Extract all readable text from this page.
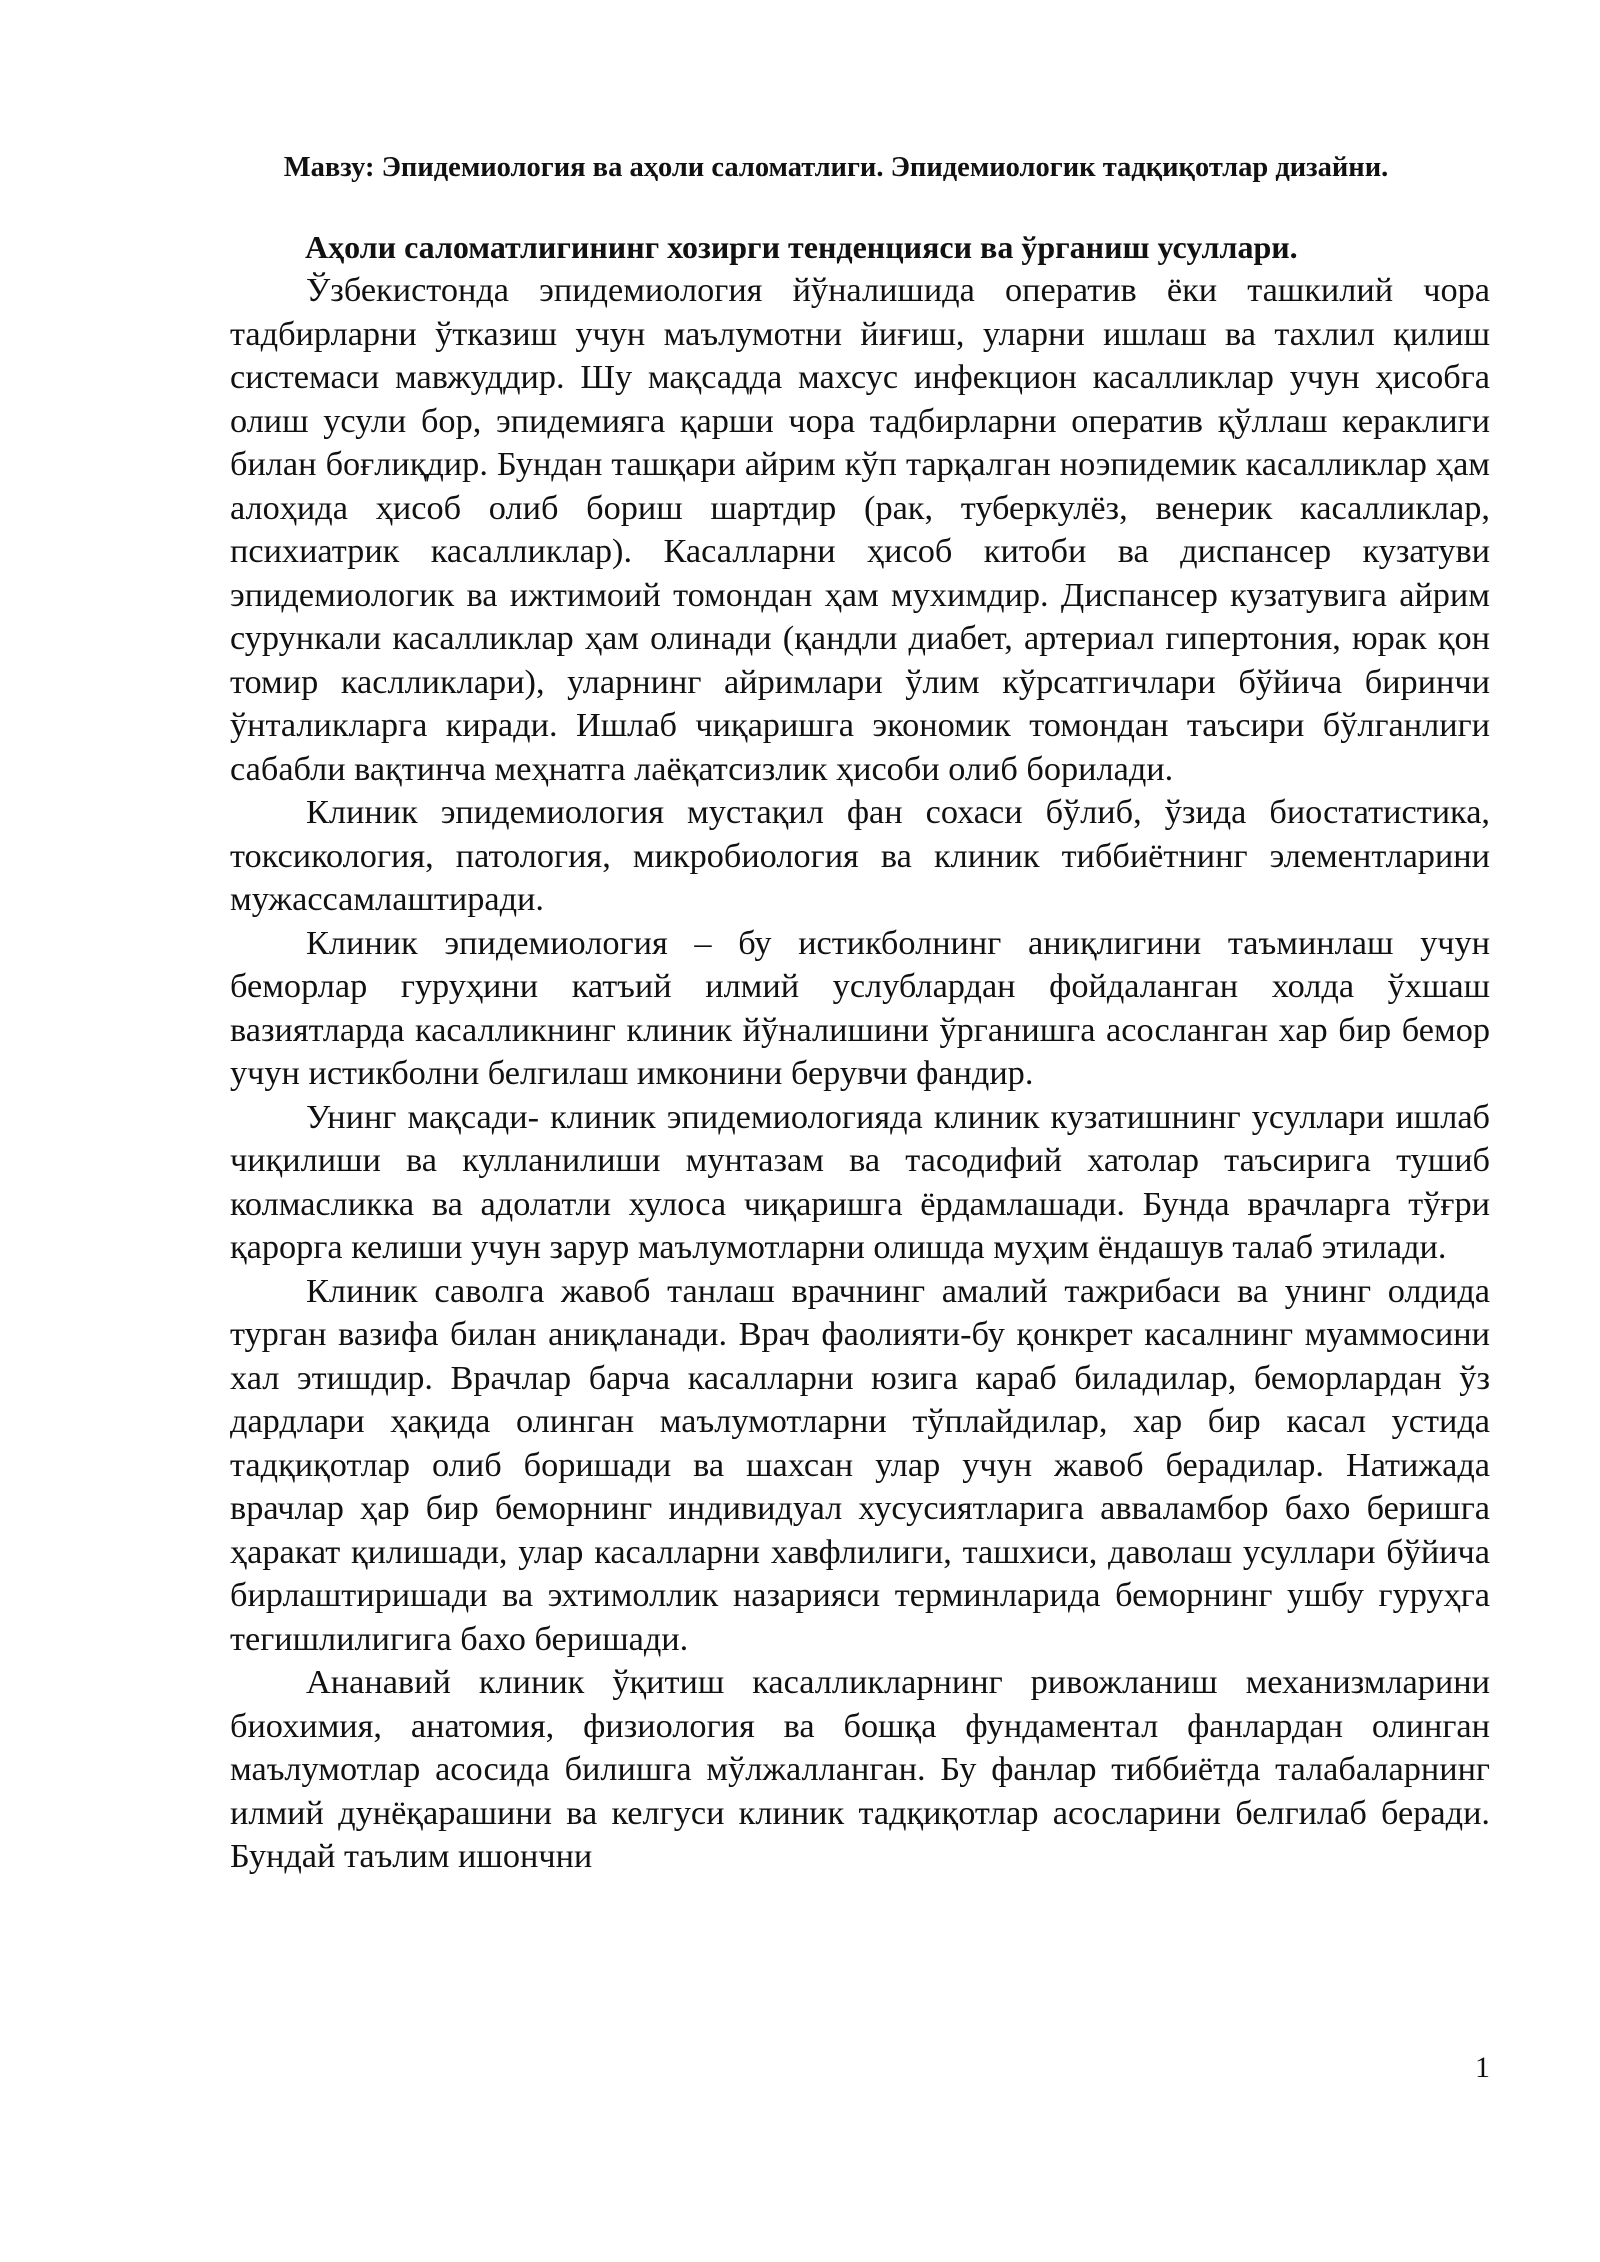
Мавзу: Эпидемиология ва аҳоли саломатлиги. Эпидемиологик тадқиқотлар дизайни.

Аҳоли саломатлигининг хозирги тенденцияси ва ўрганиш усуллари.

Ўзбекистонда эпидемиология йўналишида оператив ёки ташкилий чора тадбирларни ўтказиш учун маълумотни йиғиш, уларни ишлаш ва тахлил қилиш системаси мавжуддир. Шу мақсадда махсус инфекцион касалликлар учун ҳисобга олиш усули бор, эпидемияга қарши чора тадбирларни оператив қўллаш кераклиги билан боғлиқдир. Бундан ташқари айрим кўп тарқалган ноэпидемик касалликлар ҳам алоҳида ҳисоб олиб бориш шартдир (рак, туберкулёз, венерик касалликлар, психиатрик касалликлар). Касалларни ҳисоб китоби ва диспансер кузатуви эпидемиологик ва ижтимоий томондан ҳам мухимдир. Диспансер кузатувига айрим сурункали касалликлар ҳам олинади (қандли диабет, артериал гипертония, юрак қон томир каслликлари), уларнинг айримлари ўлим кўрсатгичлари бўйича биринчи ўнталикларга киради. Ишлаб чиқаришга экономик томондан таъсири бўлганлиги сабабли вақтинча меҳнатга лаёқатсизлик ҳисоби олиб борилади.

Клиник эпидемиология мустақил фан сохаси бўлиб, ўзида биостатистика, токсикология, патология, микробиология ва клиник тиббиётнинг элементларини мужассамлаштиради.

Клиник эпидемиология – бу истикболнинг аниқлигини таъминлаш учун беморлар гуруҳини катъий илмий услублардан фойдаланган холда ўхшаш вазиятларда касалликнинг клиник йўналишини ўрганишга асосланган хар бир бемор учун истикболни белгилаш имконини берувчи фандир.

Унинг мақсади- клиник эпидемиологияда клиник кузатишнинг усуллари ишлаб чиқилиши ва кулланилиши мунтазам ва тасодифий хатолар таъсирига тушиб колмасликка ва адолатли хулоса чиқаришга ёрдамлашади. Бунда врачларга тўғри қарорга келиши учун зарур маълумотларни олишда муҳим ёндашув талаб этилади.

Клиник саволга жавоб танлаш врачнинг амалий тажрибаси ва унинг олдида турган вазифа билан аниқланади. Врач фаолияти-бу қонкрет касалнинг муаммосини хал этишдир. Врачлар барча касалларни юзига караб биладилар, беморлардан ўз дардлари ҳақида олинган маълумотларни тўплайдилар, хар бир касал устида тадқиқотлар олиб боришади ва шахсан улар учун жавоб берадилар. Натижада врачлар ҳар бир беморнинг индивидуал хусусиятларига авваламбор бахо беришга ҳаракат қилишади, улар касалларни хавфлилиги, ташхиси, даволаш усуллари бўйича бирлаштиришади ва эхтимоллик назарияси терминларида беморнинг ушбу гуруҳга тегишлилигига бахо беришади.

Ананавий клиник ўқитиш касалликларнинг ривожланиш механизмларини биохимия, анатомия, физиология ва бошқа фундаментал фанлардан олинган маълумотлар асосида билишга мўлжалланган. Бу фанлар тиббиётда талабаларнинг илмий дунёқарашини ва келгуси клиник тадқиқотлар асосларини белгилаб беради. Бундай таълим ишончни

1
